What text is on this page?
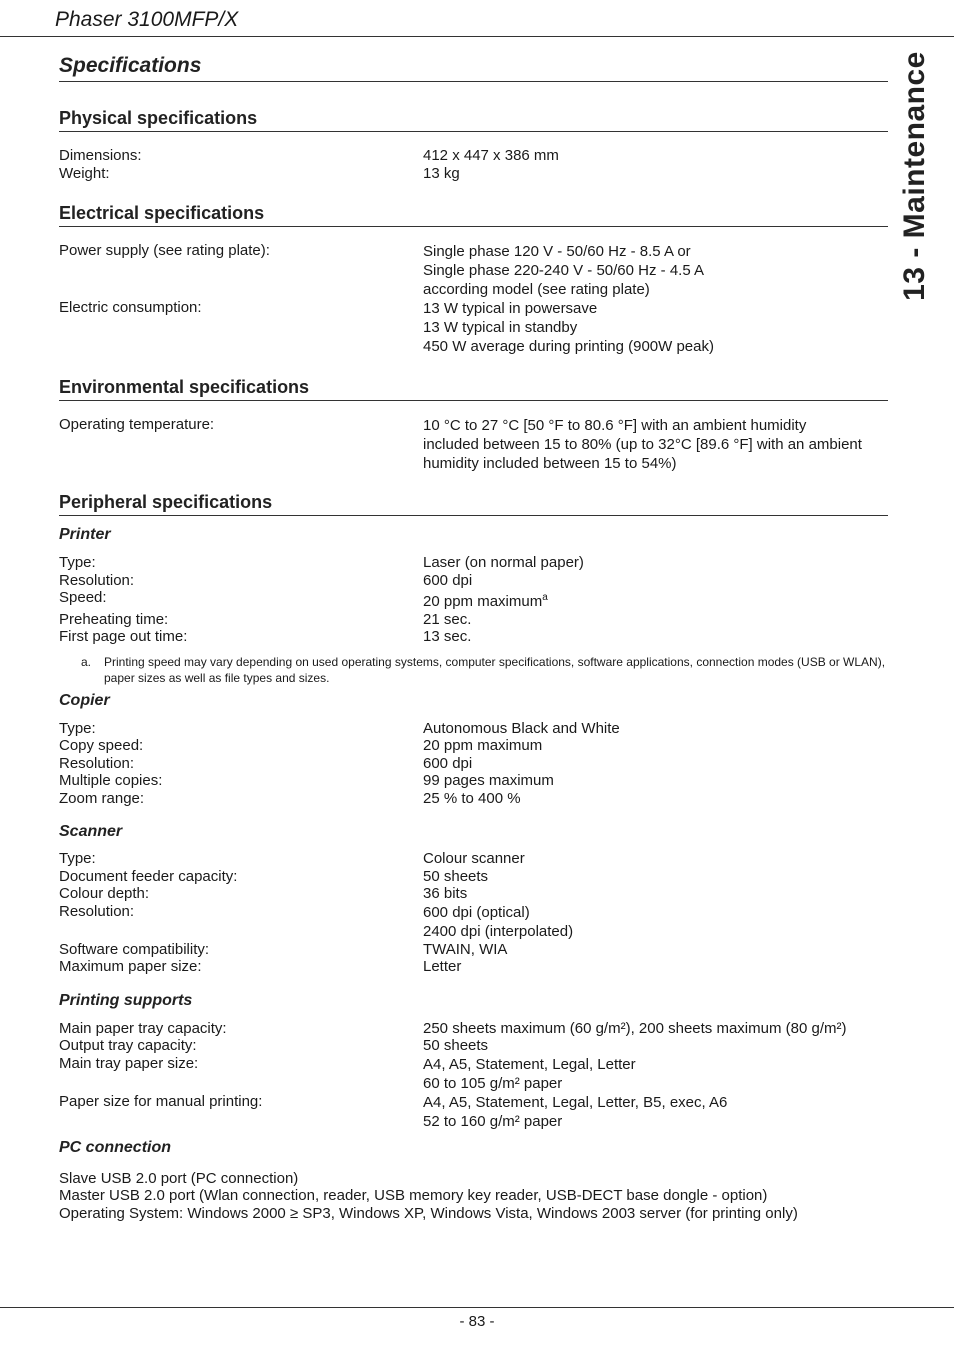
Phaser 3100MFP/X
13 - Maintenance
Specifications
Physical specifications
Dimensions:	412 x 447 x 386 mm
Weight:	13 kg
Electrical specifications
Power supply (see rating plate):	Single phase 120 V - 50/60 Hz - 8.5 A or
Single phase 220-240 V - 50/60 Hz - 4.5 A
according model (see rating plate)
Electric consumption:	13 W typical in powersave
13 W typical in standby
450 W average during printing (900W peak)
Environmental specifications
Operating temperature:	10 °C to 27 °C [50 °F to 80.6 °F] with an ambient humidity
included between 15 to 80% (up to 32°C [89.6 °F] with an ambient
humidity included between 15 to 54%)
Peripheral specifications
Printer
Type:	Laser (on normal paper)
Resolution:	600 dpi
Speed:	20 ppm maximum$^a$
Preheating time:	21 sec.
First page out time:	13 sec.
a.	Printing speed may vary depending on used operating systems, computer specifications, software applications, connection modes (USB or WLAN), paper sizes as well as file types and sizes.
Copier
Type:	Autonomous Black and White
Copy speed:	20 ppm maximum
Resolution:	600 dpi
Multiple copies:	99 pages maximum
Zoom range:	25 % to 400 %
Scanner
Type:	Colour scanner
Document feeder capacity:	50 sheets
Colour depth:	36 bits
Resolution:	600 dpi (optical)
2400 dpi (interpolated)
Software compatibility:	TWAIN, WIA
Maximum paper size:	Letter
Printing supports
Main paper tray capacity:	250 sheets maximum (60 g/m²), 200 sheets maximum (80 g/m²)
Output tray capacity:	50 sheets
Main tray paper size:	A4, A5, Statement, Legal, Letter
60 to 105 g/m² paper
Paper size for manual printing:	A4, A5, Statement, Legal, Letter, B5, exec, A6
52 to 160 g/m² paper
PC connection
Slave USB 2.0 port (PC connection)
Master USB 2.0 port (Wlan connection, reader, USB memory key reader, USB-DECT base dongle - option)
Operating System: Windows 2000 ≥ SP3, Windows XP, Windows Vista, Windows 2003 server (for printing only)
- 83 -
